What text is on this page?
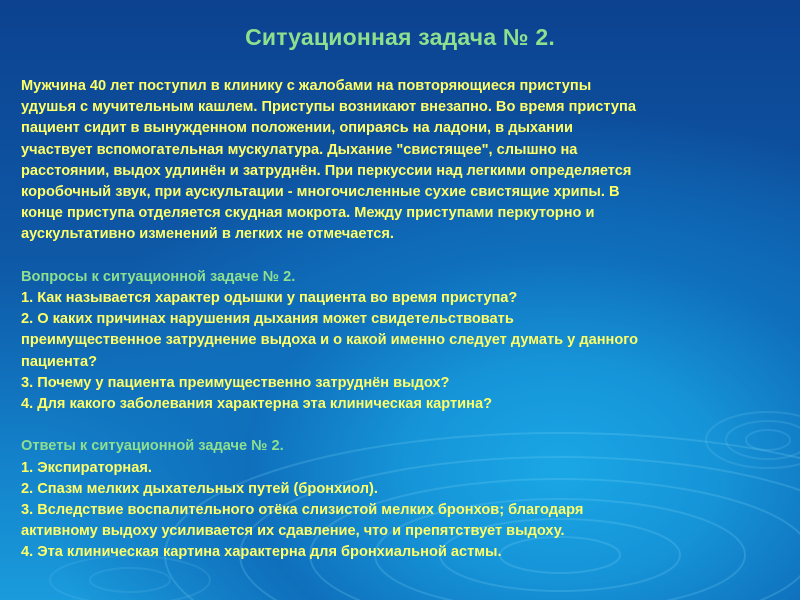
Ситуационная задача № 2.

Мужчина 40 лет поступил в клинику с жалобами на повторяющиеся приступы
удушья с мучительным кашлем. Приступы возникают внезапно. Во время приступа
пациент сидит в вынужденном положении, опираясь на ладони, в дыхании
участвует вспомогательная мускулатура. Дыхание "свистящее", слышно на
расстоянии, выдох удлинён и затруднён. При перкуссии над легкими определяется
коробочный звук, при аускультации - многочисленные сухие свистящие хрипы. В
конце приступа отделяется скудная мокрота. Между приступами перкуторно и
аускультативно изменений в легких не отмечается.

Вопросы к ситуационной задаче № 2.
1. Как называется характер одышки у пациента во время приступа?
2. О каких причинах нарушения дыхания может свидетельствовать
преимущественное затруднение выдоха и о какой именно следует думать у данного
пациента?
3. Почему у пациента преимущественно затруднён выдох?
4. Для какого заболевания характерна эта клиническая картина?

Ответы к ситуационной задаче № 2.
1. Экспираторная.
2. Спазм мелких дыхательных путей (бронхиол).
3. Вследствие воспалительного отёка слизистой мелких бронхов; благодаря
активному выдоху усиливается их сдавление, что и препятствует выдоху.
4. Эта клиническая картина характерна для бронхиальной астмы.
